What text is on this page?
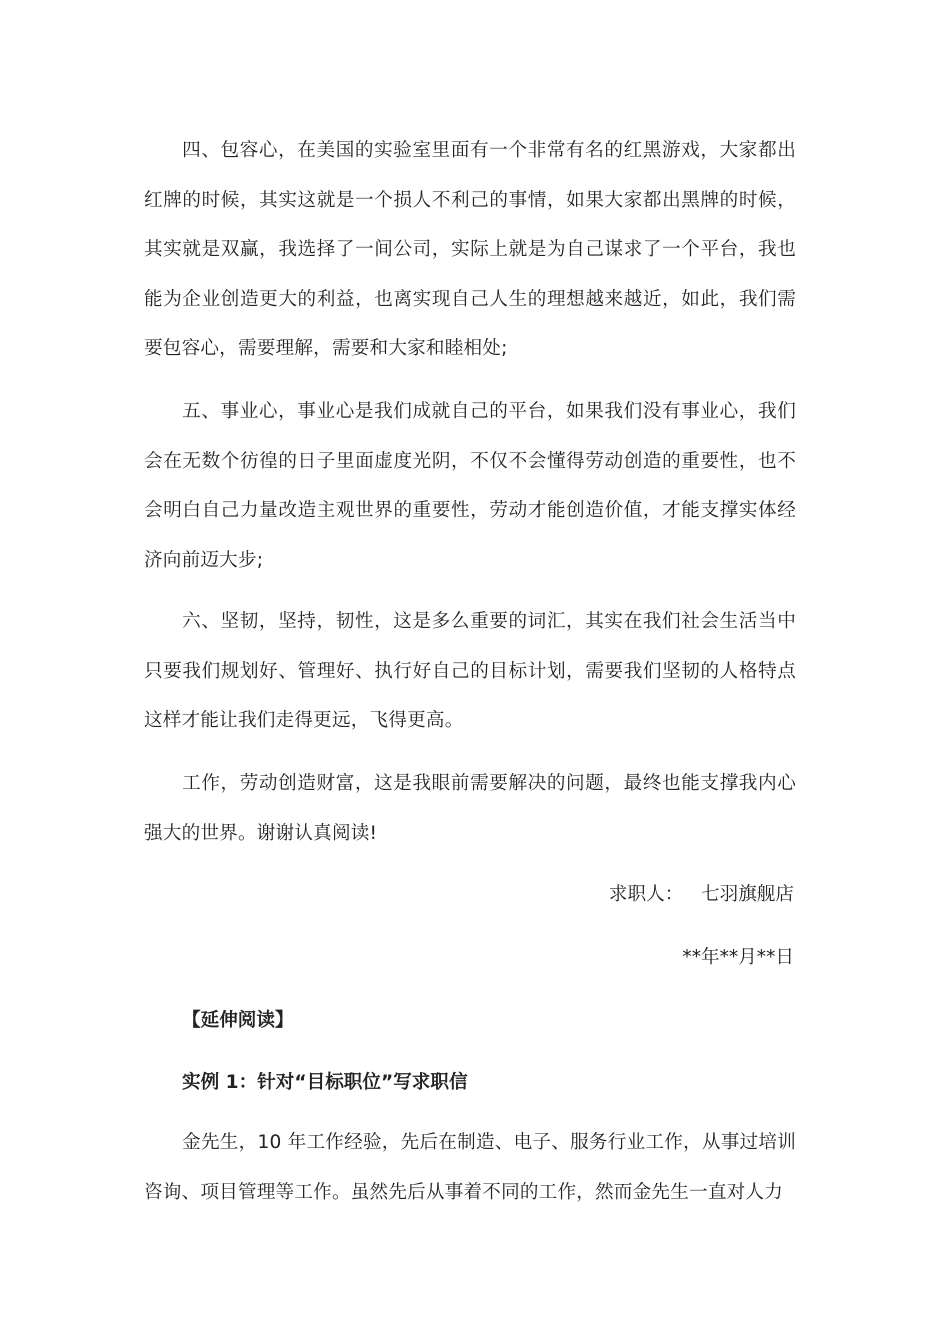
四、包容心，在美国的实验室里面有一个非常有名的红黑游戏，大家都出红牌的时候，其实这就是一个损人不利己的事情，如果大家都出黑牌的时候，其实就是双赢，我选择了一间公司，实际上就是为自己谋求了一个平台，我也能为企业创造更大的利益，也离实现自己人生的理想越来越近，如此，我们需要包容心，需要理解，需要和大家和睦相处;

五、事业心，事业心是我们成就自己的平台，如果我们没有事业心，我们会在无数个彷徨的日子里面虚度光阴，不仅不会懂得劳动创造的重要性，也不会明白自己力量改造主观世界的重要性，劳动才能创造价值，才能支撑实体经济向前迈大步;

六、坚韧，坚持，韧性，这是多么重要的词汇，其实在我们社会生活当中只要我们规划好、管理好、执行好自己的目标计划，需要我们坚韧的人格特点这样才能让我们走得更远，飞得更高。

工作，劳动创造财富，这是我眼前需要解决的问题，最终也能支撑我内心强大的世界。谢谢认真阅读!

求职人：   七羽旗舰店

**年**月**日

【延伸阅读】

实例 1：针对“目标职位”写求职信

金先生，10 年工作经验，先后在制造、电子、服务行业工作，从事过培训咨询、项目管理等工作。虽然先后从事着不同的工作，然而金先生一直对人力
